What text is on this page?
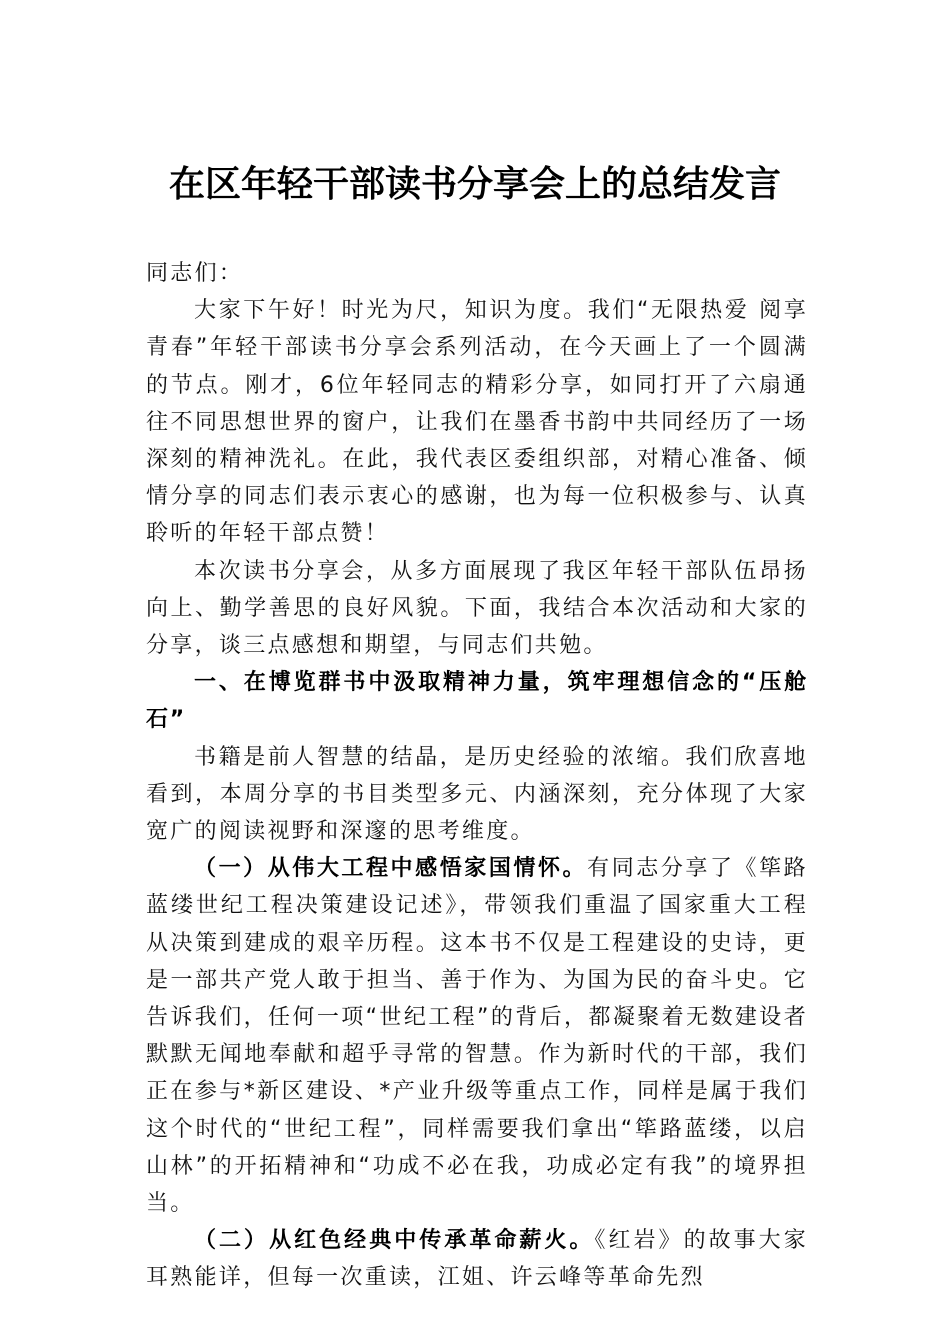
在区年轻干部读书分享会上的总结发言

同志们：

大家下午好！时光为尺，知识为度。我们“无限热爱 阅享青春”年轻干部读书分享会系列活动，在今天画上了一个圆满的节点。刚才，6位年轻同志的精彩分享，如同打开了六扇通往不同思想世界的窗户，让我们在墨香书韵中共同经历了一场深刻的精神洗礼。在此，我代表区委组织部，对精心准备、倾情分享的同志们表示衷心的感谢，也为每一位积极参与、认真聆听的年轻干部点赞！

本次读书分享会，从多方面展现了我区年轻干部队伍昂扬向上、勤学善思的良好风貌。下面，我结合本次活动和大家的分享，谈三点感想和期望，与同志们共勉。

一、在博览群书中汲取精神力量，筑牢理想信念的“压舱石”

书籍是前人智慧的结晶，是历史经验的浓缩。我们欣喜地看到，本周分享的书目类型多元、内涵深刻，充分体现了大家宽广的阅读视野和深邃的思考维度。

（一）从伟大工程中感悟家国情怀。有同志分享了《筚路蓝缕世纪工程决策建设记述》，带领我们重温了国家重大工程从决策到建成的艰辛历程。这本书不仅是工程建设的史诗，更是一部共产党人敢于担当、善于作为、为国为民的奋斗史。它告诉我们，任何一项“世纪工程”的背后，都凝聚着无数建设者默默无闻地奉献和超乎寻常的智慧。作为新时代的干部，我们正在参与*新区建设、*产业升级等重点工作，同样是属于我们这个时代的“世纪工程”，同样需要我们拿出“筚路蓝缕，以启山林”的开拓精神和“功成不必在我，功成必定有我”的境界担当。

（二）从红色经典中传承革命薪火。《红岩》的故事大家耳熟能详，但每一次重读，江姐、许云峰等革命先烈
